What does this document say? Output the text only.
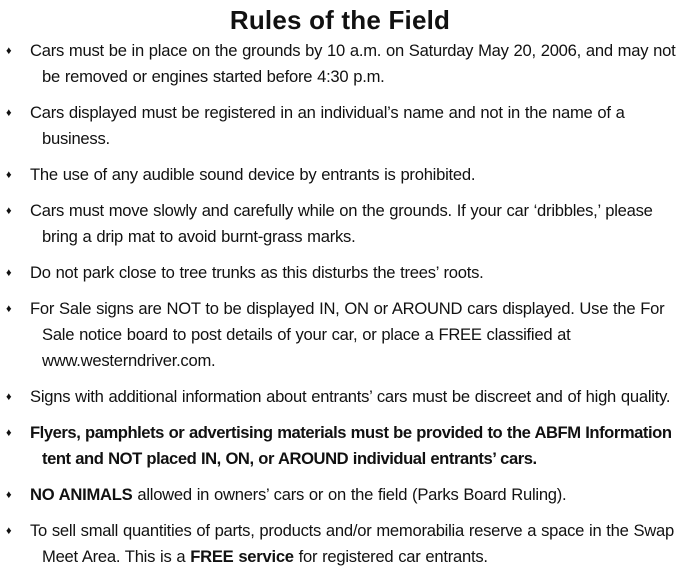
Rules of the Field
♦ Cars must be in place on the grounds by 10 a.m. on Saturday May 20, 2006, and may not be removed or engines started before 4:30 p.m.
♦ Cars displayed must be registered in an individual’s name and not in the name of a business.
♦ The use of any audible sound device by entrants is prohibited.
♦ Cars must move slowly and carefully while on the grounds. If your car ‘dribbles,’ please bring a drip mat to avoid burnt-grass marks.
♦ Do not park close to tree trunks as this disturbs the trees’ roots.
♦ For Sale signs are NOT to be displayed IN, ON or AROUND cars displayed. Use the For Sale notice board to post details of your car, or place a FREE classified at www.westerndriver.com.
♦ Signs with additional information about entrants’ cars must be discreet and of high quality.
♦ Flyers, pamphlets or advertising materials must be provided to the ABFM Information tent and NOT placed IN, ON, or AROUND individual entrants’ cars.
♦ NO ANIMALS allowed in owners’ cars or on the field (Parks Board Ruling).
♦ To sell small quantities of parts, products and/or memorabilia reserve a space in the Swap Meet Area. This is a FREE service for registered car entrants.
